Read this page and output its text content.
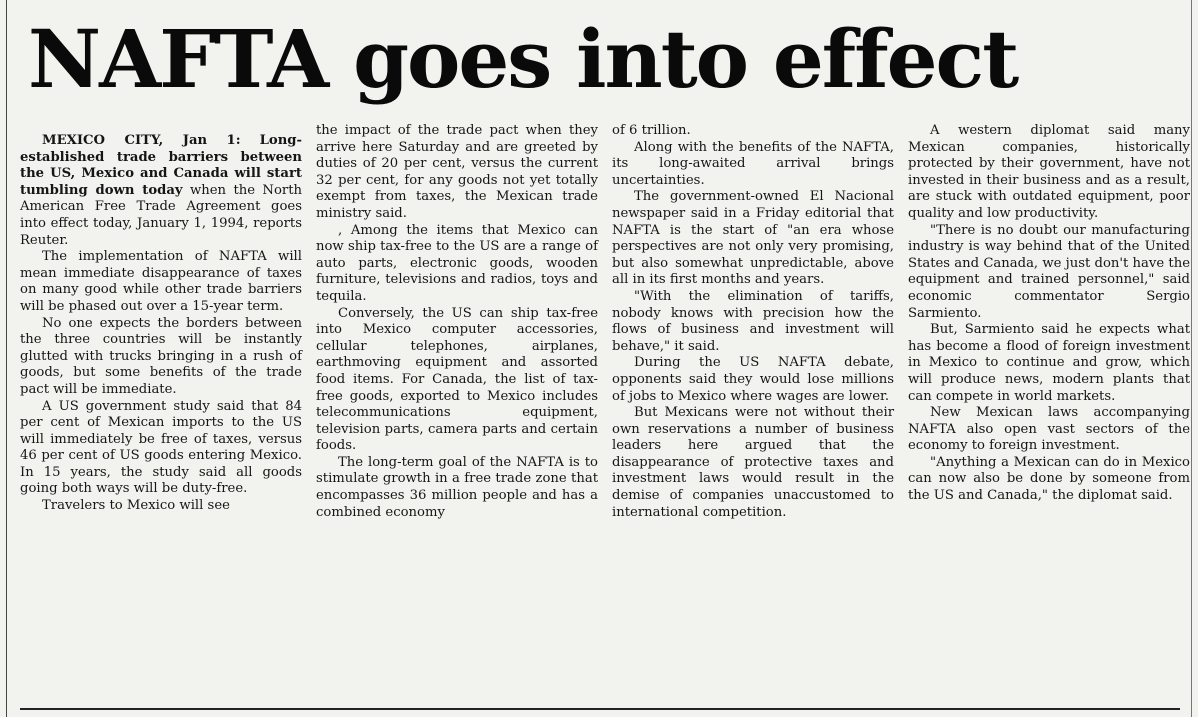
NAFTA goes into effect

MEXICO CITY, Jan 1: Long-established trade barriers between the US, Mexico and Canada will start tumbling down today when the North American Free Trade Agreement goes into effect today, January 1, 1994, reports Reuter.

The implementation of NAFTA will mean immediate disappearance of taxes on many good while other trade barriers will be phased out over a 15-year term.

No one expects the borders between the three countries will be instantly glutted with trucks bringing in a rush of goods, but some benefits of the trade pact will be immediate.

A US government study said that 84 per cent of Mexican imports to the US will immediately be free of taxes, versus 46 per cent of US goods entering Mexico. In 15 years, the study said all goods going both ways will be duty-free.

Travelers to Mexico will see

the impact of the trade pact when they arrive here Saturday and are greeted by duties of 20 per cent, versus the current 32 per cent, for any goods not yet totally exempt from taxes, the Mexican trade ministry said.

, Among the items that Mexico can now ship tax-free to the US are a range of auto parts, electronic goods, wooden furniture, televisions and radios, toys and tequila.

Conversely, the US can ship tax-free into Mexico computer accessories, cellular telephones, airplanes, earthmoving equipment and assorted food items. For Canada, the list of tax-free goods, exported to Mexico includes telecommunications equipment, television parts, camera parts and certain foods.

The long-term goal of the NAFTA is to stimulate growth in a free trade zone that encompasses 36 million people and has a combined economy

of 6 trillion.

Along with the benefits of the NAFTA, its long-awaited arrival brings uncertainties.

The government-owned El Nacional newspaper said in a Friday editorial that NAFTA is the start of "an era whose perspectives are not only very promising, but also somewhat unpredictable, above all in its first months and years.

"With the elimination of tariffs, nobody knows with precision how the flows of business and investment will behave," it said.

During the US NAFTA debate, opponents said they would lose millions of jobs to Mexico where wages are lower.

But Mexicans were not without their own reservations a number of business leaders here argued that the disappearance of protective taxes and investment laws would result in the demise of companies unaccustomed to international competition.

A western diplomat said many Mexican companies, historically protected by their government, have not invested in their business and as a result, are stuck with outdated equipment, poor quality and low productivity.

"There is no doubt our manufacturing industry is way behind that of the United States and Canada, we just don't have the equipment and trained personnel," said economic commentator Sergio Sarmiento.

But, Sarmiento said he expects what has become a flood of foreign investment in Mexico to continue and grow, which will produce news, modern plants that can compete in world markets.

New Mexican laws accompanying NAFTA also open vast sectors of the economy to foreign investment.

"Anything a Mexican can do in Mexico can now also be done by someone from the US and Canada," the diplomat said.
